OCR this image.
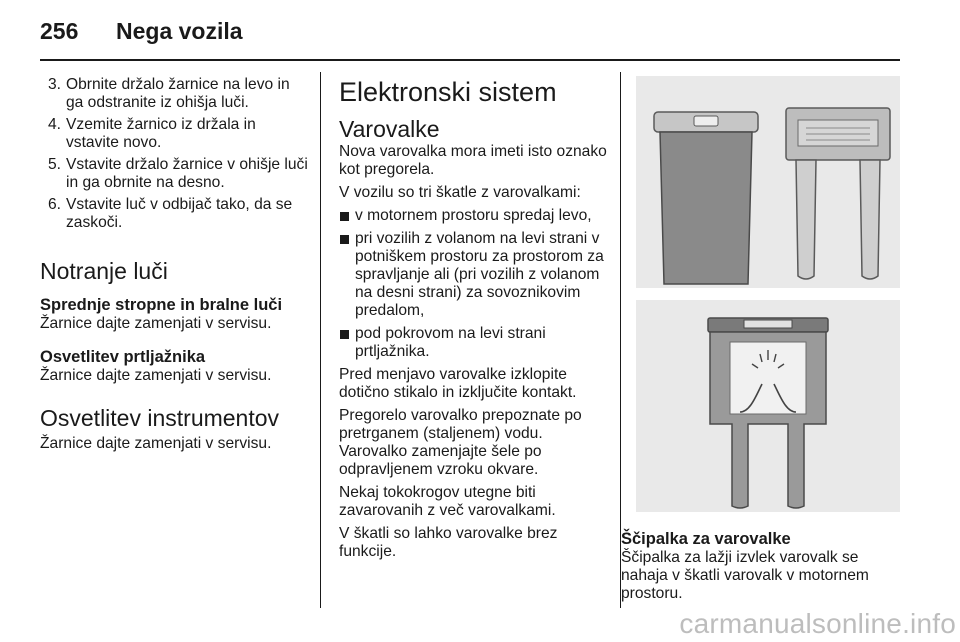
256 Nega vozila
3. Obrnite držalo žarnice na levo in ga odstranite iz ohišja luči.
4. Vzemite žarnico iz držala in vstavite novo.
5. Vstavite držalo žarnice v ohišje luči in ga obrnite na desno.
6. Vstavite luč v odbijač tako, da se zaskoči.
Notranje luči
Sprednje stropne in bralne luči
Žarnice dajte zamenjati v servisu.
Osvetlitev prtljažnika
Žarnice dajte zamenjati v servisu.
Osvetlitev instrumentov
Žarnice dajte zamenjati v servisu.
Elektronski sistem
Varovalke
Nova varovalka mora imeti isto oznako kot pregorela.
V vozilu so tri škatle z varovalkami:
v motornem prostoru spredaj levo,
pri vozilih z volanom na levi strani v potniškem prostoru za prostorom za spravljanje ali (pri vozilih z volanom na desni strani) za sovoznikovim predalom,
pod pokrovom na levi strani prtljažnika.
Pred menjavo varovalke izklopite dotično stikalo in izključite kontakt.
Pregorelo varovalko prepoznate po pretrganem (staljenem) vodu. Varovalko zamenjajte šele po odpravljenem vzroku okvare.
Nekaj tokokrogov utegne biti zavarovanih z več varovalkami.
V škatli so lahko varovalke brez funkcije.
Ščipalka za varovalke
Ščipalka za lažji izvlek varovalk se nahaja v škatli varovalk v motornem prostoru.
carmanualsonline.info
